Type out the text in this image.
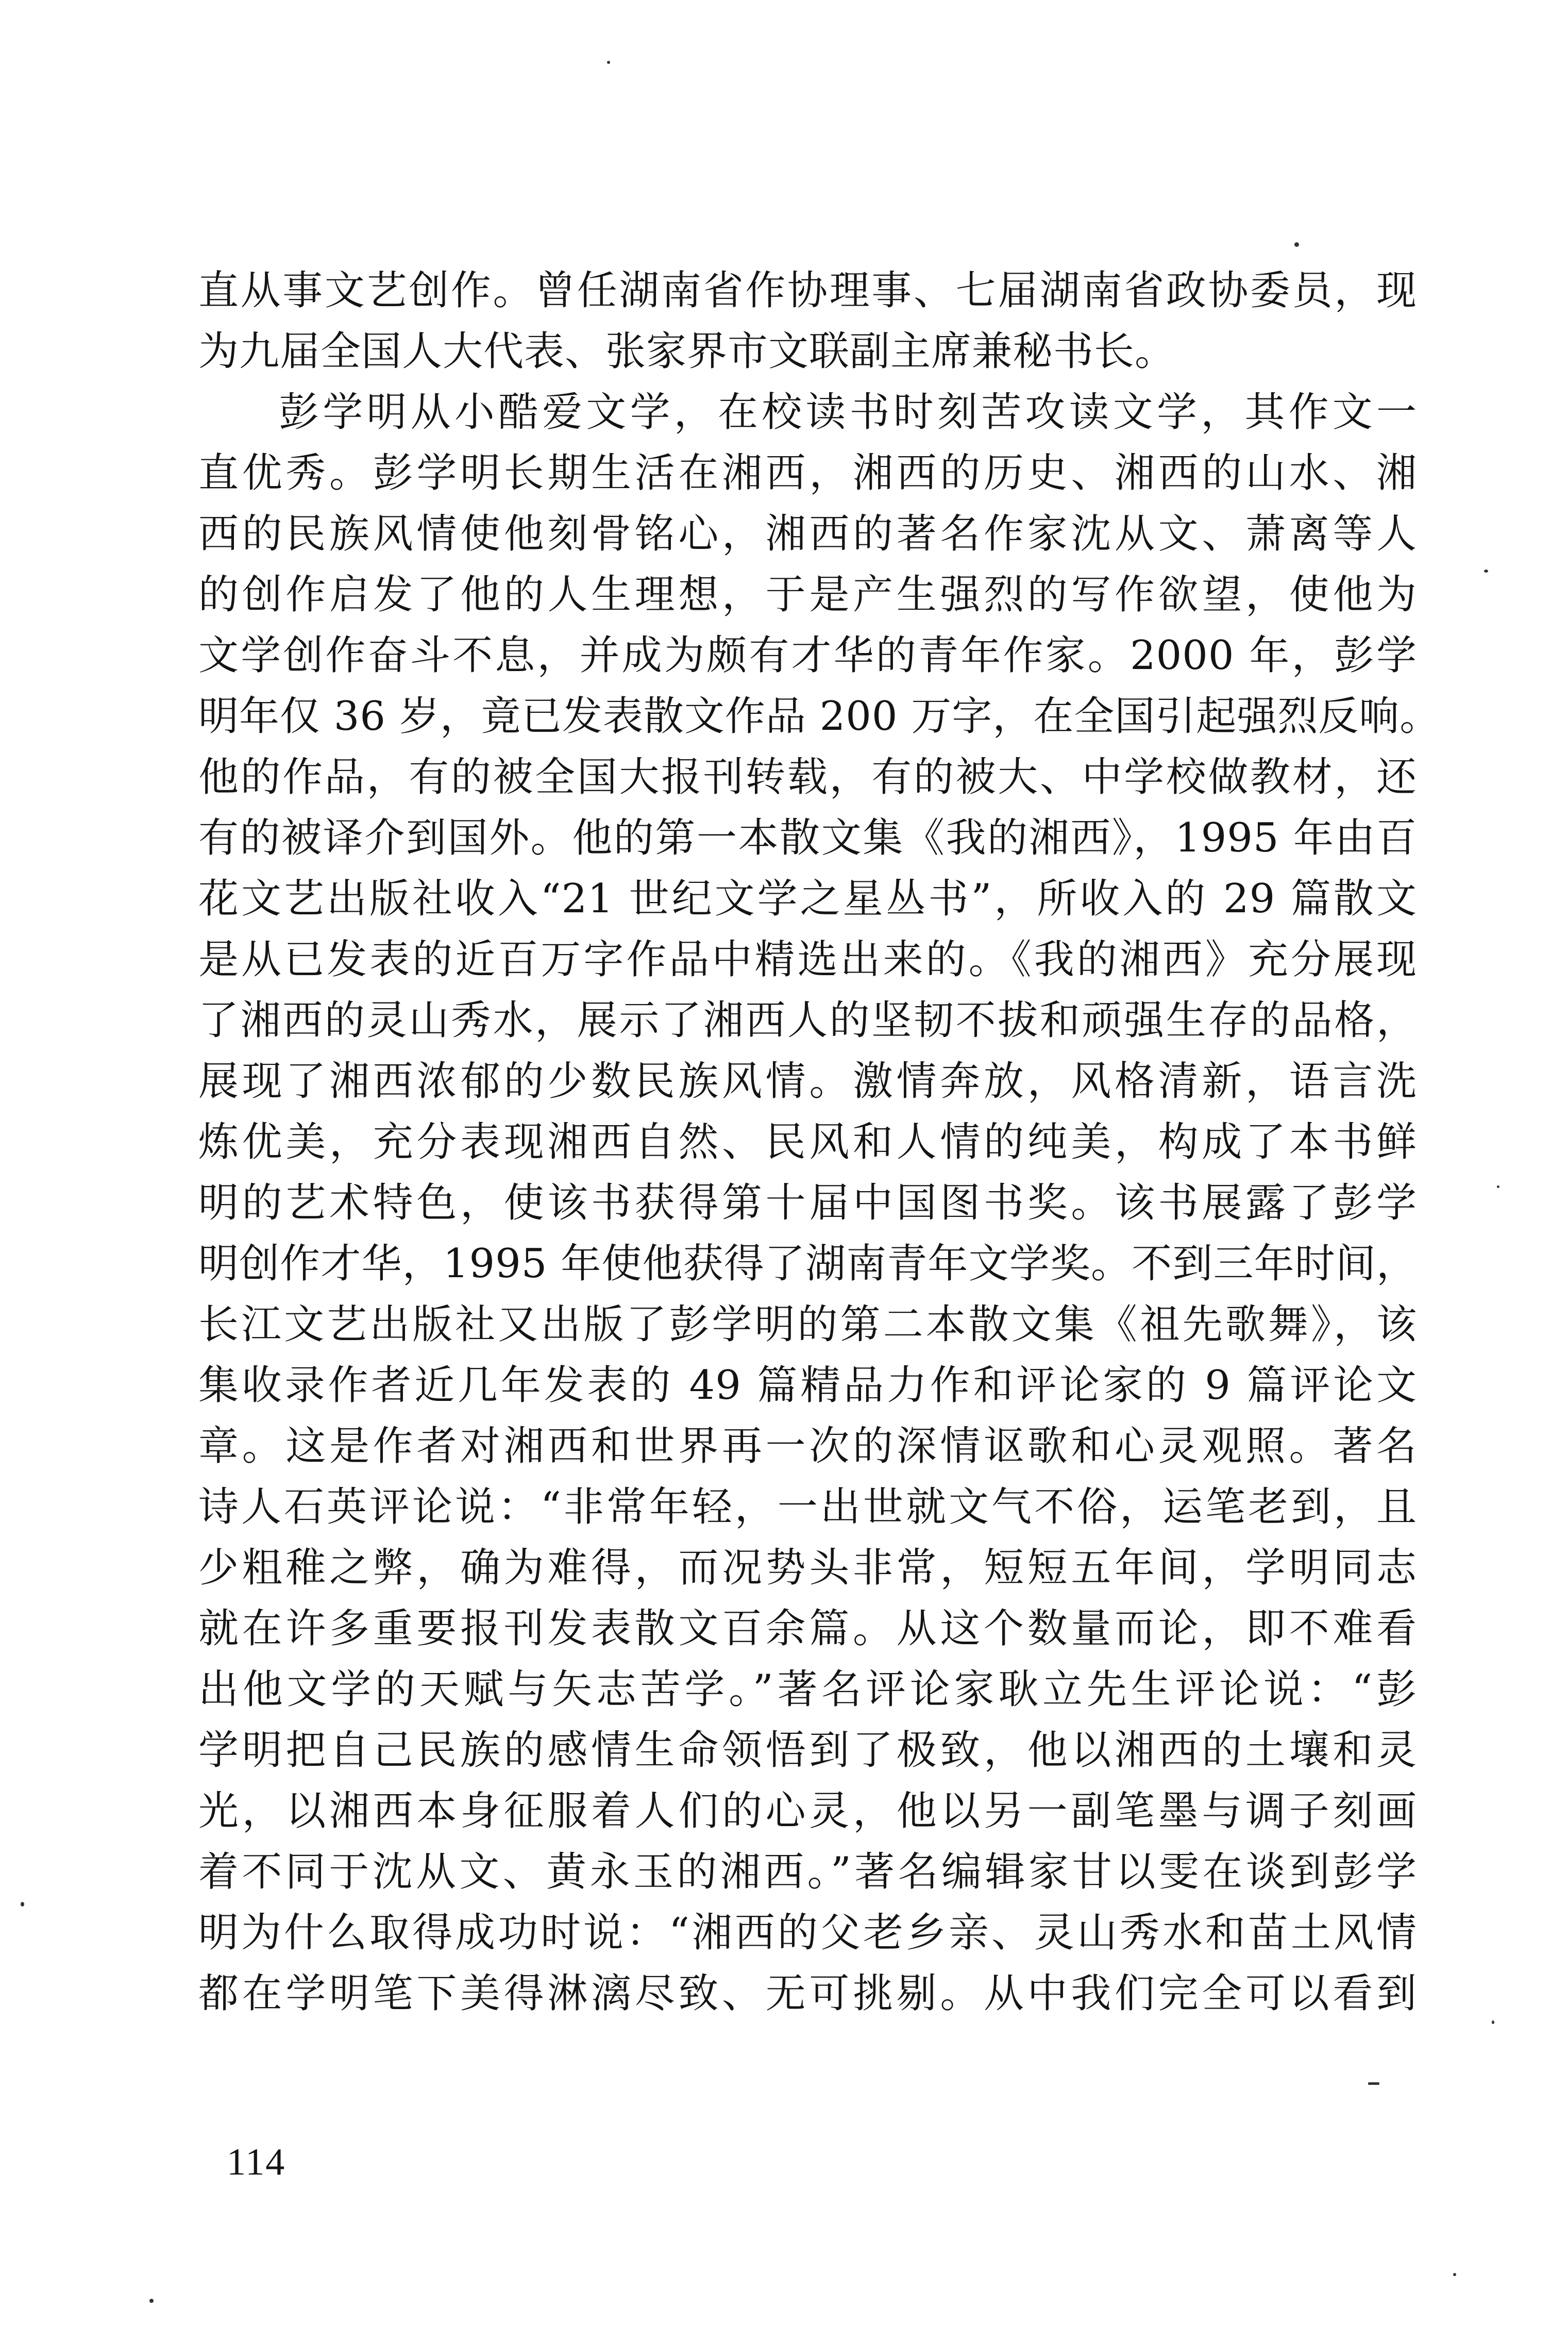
直从事文艺创作。曾任湖南省作协理事、七届湖南省政协委员，现
为九届全国人大代表、张家界市文联副主席兼秘书长。
彭学明从小酷爱文学，在校读书时刻苦攻读文学，其作文一
直优秀。彭学明长期生活在湘西，湘西的历史、湘西的山水、湘
西的民族风情使他刻骨铭心，湘西的著名作家沈从文、萧离等人
的创作启发了他的人生理想，于是产生强烈的写作欲望，使他为
文学创作奋斗不息，并成为颇有才华的青年作家。2000 年，彭学
明年仅 36 岁，竟已发表散文作品 200 万字，在全国引起强烈反响。
他的作品，有的被全国大报刊转载，有的被大、中学校做教材，还
有的被译介到国外。他的第一本散文集《我的湘西》，1995 年由百
花文艺出版社收入“21 世纪文学之星丛书”，所收入的 29 篇散文
是从已发表的近百万字作品中精选出来的。《我的湘西》充分展现
了湘西的灵山秀水，展示了湘西人的坚韧不拔和顽强生存的品格，
展现了湘西浓郁的少数民族风情。激情奔放，风格清新，语言洗
炼优美，充分表现湘西自然、民风和人情的纯美，构成了本书鲜
明的艺术特色，使该书获得第十届中国图书奖。该书展露了彭学
明创作才华，1995 年使他获得了湖南青年文学奖。不到三年时间，
长江文艺出版社又出版了彭学明的第二本散文集《祖先歌舞》，该
集收录作者近几年发表的 49 篇精品力作和评论家的 9 篇评论文
章。这是作者对湘西和世界再一次的深情讴歌和心灵观照。著名
诗人石英评论说：“非常年轻，一出世就文气不俗，运笔老到，且
少粗稚之弊，确为难得，而况势头非常，短短五年间，学明同志
就在许多重要报刊发表散文百余篇。从这个数量而论，即不难看
出他文学的天赋与矢志苦学。”著名评论家耿立先生评论说：“彭
学明把自己民族的感情生命领悟到了极致，他以湘西的土壤和灵
光，以湘西本身征服着人们的心灵，他以另一副笔墨与调子刻画
着不同于沈从文、黄永玉的湘西。”著名编辑家甘以雯在谈到彭学
明为什么取得成功时说：“湘西的父老乡亲、灵山秀水和苗土风情
都在学明笔下美得淋漓尽致、无可挑剔。从中我们完全可以看到
114
